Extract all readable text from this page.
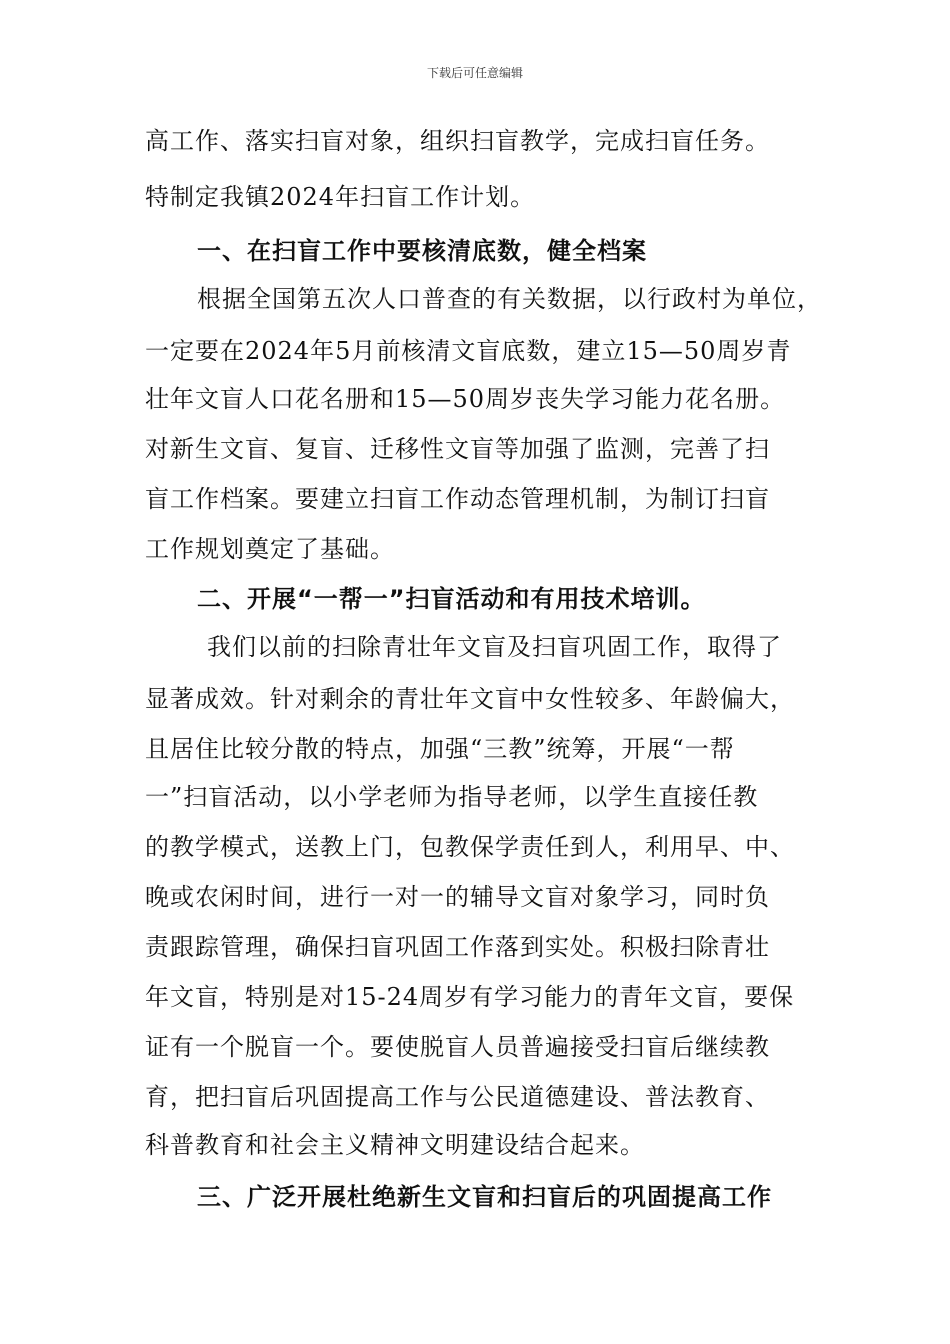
下载后可任意编辑
高工作、落实扫盲对象，组织扫盲教学，完成扫盲任务。
特制定我镇2024年扫盲工作计划。
一、在扫盲工作中要核清底数，健全档案
根据全国第五次人口普查的有关数据，以行政村为单位，
一定要在2024年5月前核清文盲底数，建立15—50周岁青
壮年文盲人口花名册和15—50周岁丧失学习能力花名册。
对新生文盲、复盲、迁移性文盲等加强了监测，完善了扫
盲工作档案。要建立扫盲工作动态管理机制，为制订扫盲
工作规划奠定了基础。
二、开展“一帮一”扫盲活动和有用技术培训。
我们以前的扫除青壮年文盲及扫盲巩固工作，取得了
显著成效。针对剩余的青壮年文盲中女性较多、年龄偏大，
且居住比较分散的特点，加强“三教”统筹，开展“一帮
一”扫盲活动，以小学老师为指导老师，以学生直接任教
的教学模式，送教上门，包教保学责任到人，利用早、中、
晚或农闲时间，进行一对一的辅导文盲对象学习，同时负
责跟踪管理，确保扫盲巩固工作落到实处。积极扫除青壮
年文盲，特别是对15-24周岁有学习能力的青年文盲，要保
证有一个脱盲一个。要使脱盲人员普遍接受扫盲后继续教
育，把扫盲后巩固提高工作与公民道德建设、普法教育、
科普教育和社会主义精神文明建设结合起来。
三、广泛开展杜绝新生文盲和扫盲后的巩固提高工作
